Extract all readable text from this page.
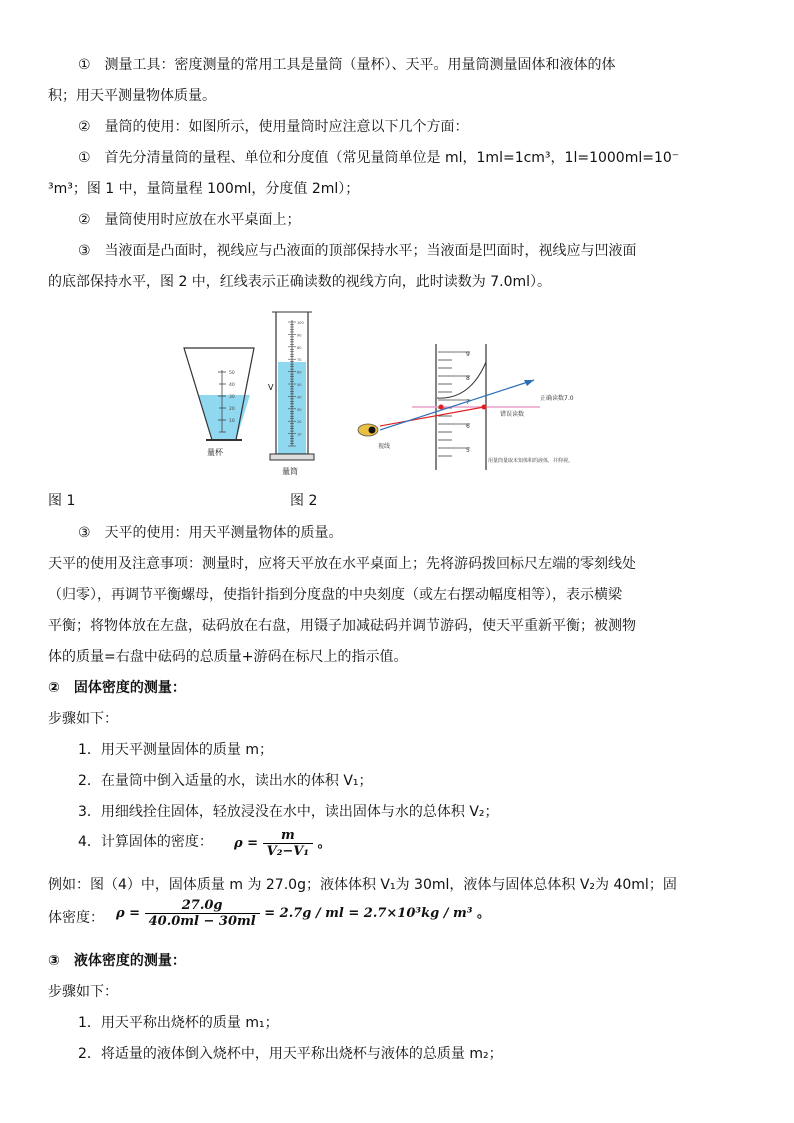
①　测量工具：密度测量的常用工具是量筒（量杯）、天平。用量筒测量固体和液体的体
积；用天平测量物体质量。
②　量筒的使用：如图所示，使用量筒时应注意以下几个方面：
①　首先分清量筒的量程、单位和分度值（常见量筒单位是 ml，1ml=1cm³，1l=1000ml=10⁻
³m³；图 1 中，量筒量程 100ml，分度值 2ml）；
②　量筒使用时应放在水平桌面上；
③　当液面是凸面时，视线应与凸液面的顶部保持水平；当液面是凹面时，视线应与凹液面
的底部保持水平，图 2 中，红线表示正确读数的视线方向，此时读数为 7.0ml）。
50
40
30
20
10
量杯
100
90
80
70
60
50
40
30
20
10
V
量筒
9
8
7
6
5
视线
正确读数7.0
错误读数
用量筒量取未知体积的液体，并仰视。
图 1	图 2
③　天平的使用：用天平测量物体的质量。
天平的使用及注意事项：测量时，应将天平放在水平桌面上；先将游码拨回标尺左端的零刻线处
（归零），再调节平衡螺母，使指针指到分度盘的中央刻度（或左右摆动幅度相等），表示横梁
平衡；将物体放在左盘，砝码放在右盘，用镊子加减砝码并调节游码，使天平重新平衡；被测物
体的质量=右盘中砝码的总质量+游码在标尺上的指示值。
②　固体密度的测量：
步骤如下：
1．用天平测量固体的质量 m；
2．在量筒中倒入适量的水，读出水的体积 V₁；
3．用细线拴住固体，轻放浸没在水中，读出固体与水的总体积 V₂；
4．计算固体的密度： $\rho = \frac{m}{\text{V₂−V₁}}$ 。
例如：图（4）中，固体质量 m 为 27.0g；液体体积 V₁为 30ml，液体与固体总体积 V₂为 40ml；固
体密度： $\rho = \frac{27.0g}{40.0ml - 30ml} = 2.7g$ / ml = 2.7×10³kg / m³ 。
③　液体密度的测量：
步骤如下：
1．用天平称出烧杯的质量 m₁；
2．将适量的液体倒入烧杯中，用天平称出烧杯与液体的总质量 m₂；
